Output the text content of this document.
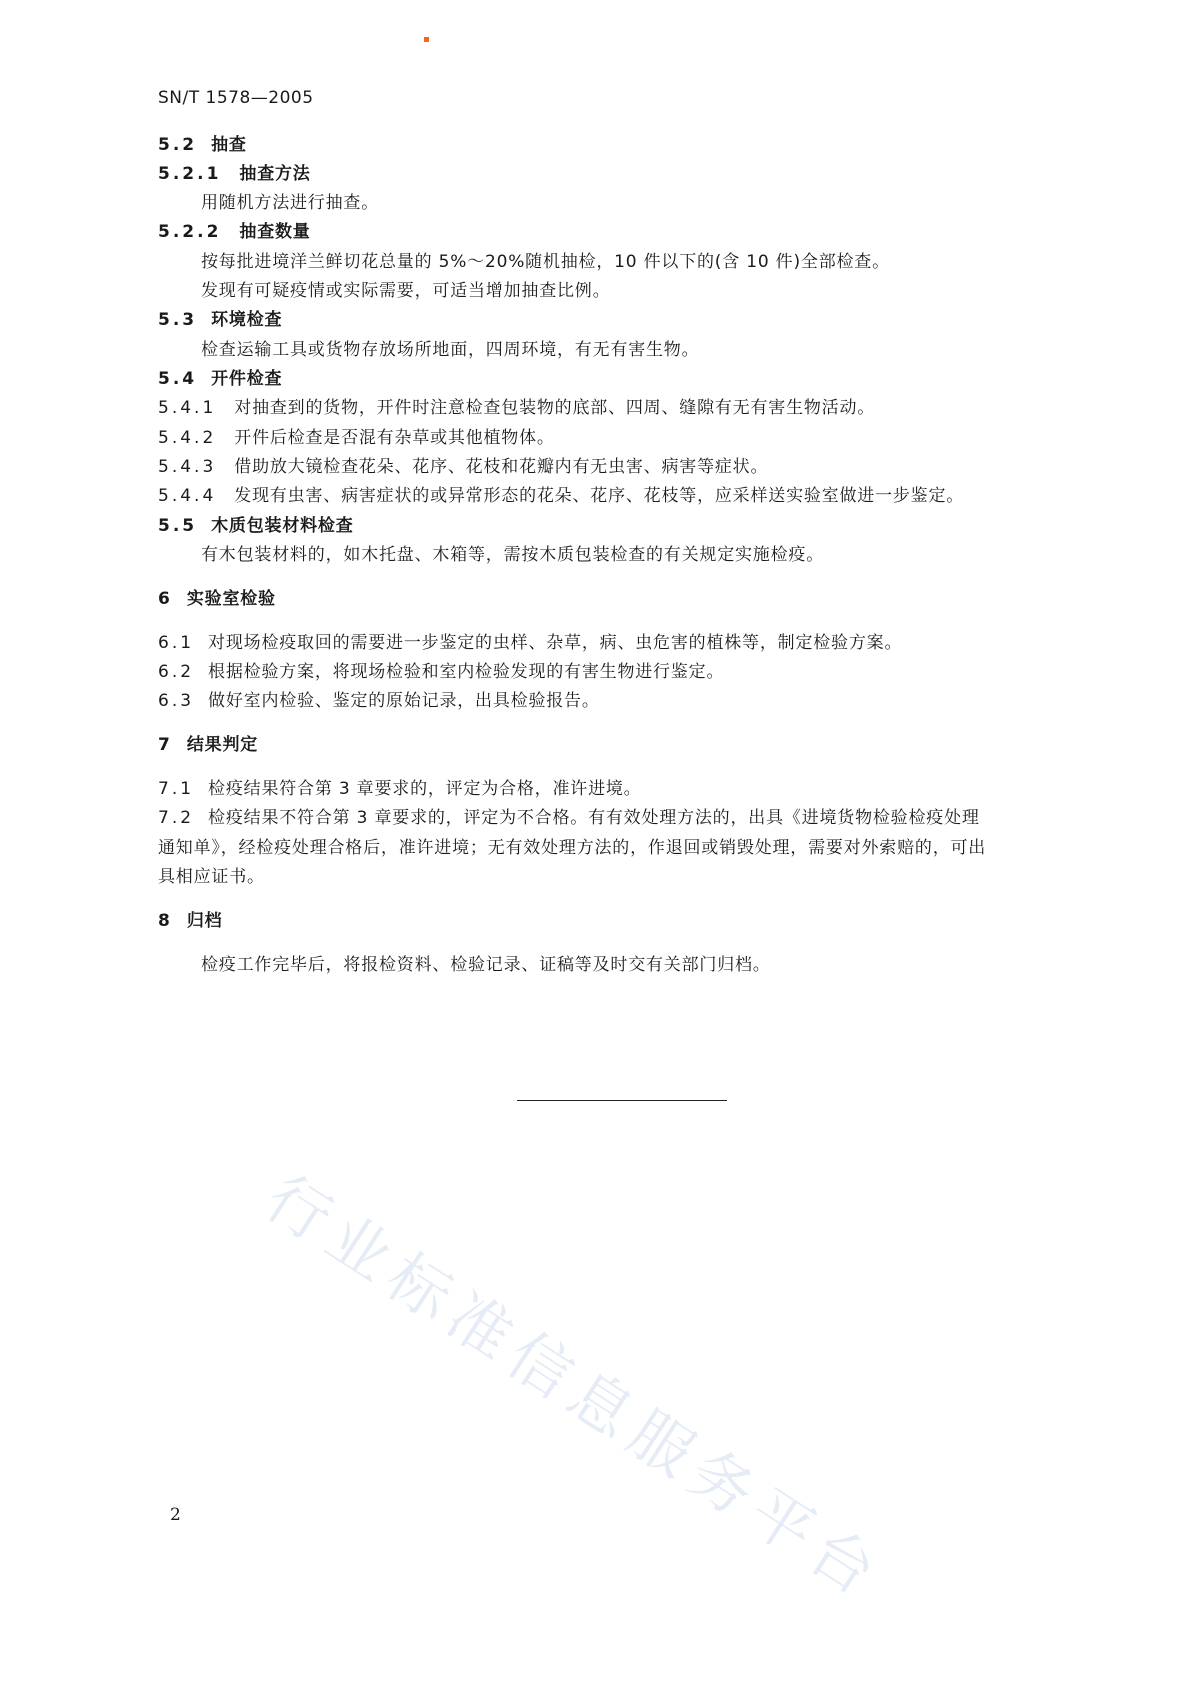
SN/T 1578—2005
5.2 抽查
5.2.1 抽查方法
用随机方法进行抽查。
5.2.2 抽查数量
按每批进境洋兰鲜切花总量的 5%～20%随机抽检，10 件以下的(含 10 件)全部检查。
发现有可疑疫情或实际需要，可适当增加抽查比例。
5.3 环境检查
检查运输工具或货物存放场所地面，四周环境，有无有害生物。
5.4 开件检查
5.4.1 对抽查到的货物，开件时注意检查包装物的底部、四周、缝隙有无有害生物活动。
5.4.2 开件后检查是否混有杂草或其他植物体。
5.4.3 借助放大镜检查花朵、花序、花枝和花瓣内有无虫害、病害等症状。
5.4.4 发现有虫害、病害症状的或异常形态的花朵、花序、花枝等，应采样送实验室做进一步鉴定。
5.5 木质包装材料检查
有木包装材料的，如木托盘、木箱等，需按木质包装检查的有关规定实施检疫。
6 实验室检验
6.1 对现场检疫取回的需要进一步鉴定的虫样、杂草，病、虫危害的植株等，制定检验方案。
6.2 根据检验方案，将现场检验和室内检验发现的有害生物进行鉴定。
6.3 做好室内检验、鉴定的原始记录，出具检验报告。
7 结果判定
7.1 检疫结果符合第 3 章要求的，评定为合格，准许进境。
7.2 检疫结果不符合第 3 章要求的，评定为不合格。有有效处理方法的，出具《进境货物检验检疫处理
通知单》，经检疫处理合格后，准许进境；无有效处理方法的，作退回或销毁处理，需要对外索赔的，可出
具相应证书。
8 归档
检疫工作完毕后，将报检资料、检验记录、证稿等及时交有关部门归档。
行业标准信息服务平台
2
